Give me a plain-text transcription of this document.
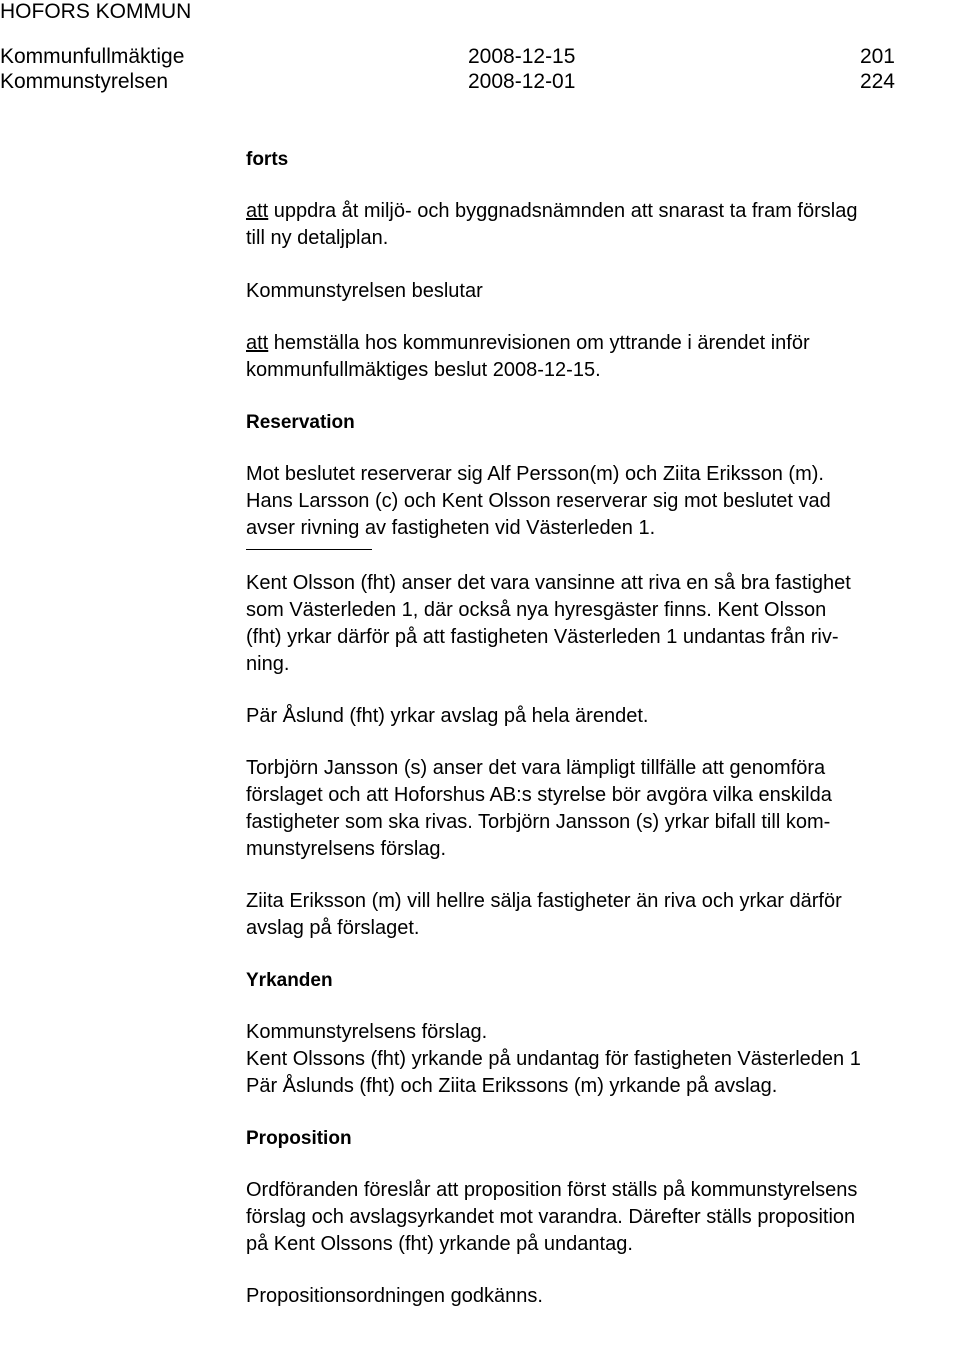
HOFORS KOMMUN
Kommunfullmäktige	2008-12-15	201
Kommunstyrelsen	2008-12-01	224

forts

att uppdra åt miljö- och byggnadsnämnden att snarast ta fram förslag

till ny detaljplan.

Kommunstyrelsen beslutar

att hemställa hos kommunrevisionen om yttrande i ärendet inför

kommunfullmäktiges beslut 2008-12-15.

Reservation

Mot beslutet reserverar sig Alf Persson(m) och Ziita Eriksson (m).

Hans Larsson (c) och Kent Olsson reserverar sig mot beslutet vad

avser rivning av fastigheten vid Västerleden 1.

Kent Olsson (fht) anser det vara vansinne att riva en så bra fastighet

som Västerleden 1, där också nya hyresgäster finns. Kent Olsson

(fht) yrkar därför på att fastigheten Västerleden 1 undantas från riv-

ning.

Pär Åslund (fht) yrkar avslag på hela ärendet.

Torbjörn Jansson (s) anser det vara lämpligt tillfälle att genomföra

förslaget och att Hoforshus AB:s styrelse bör avgöra vilka enskilda

fastigheter som ska rivas. Torbjörn Jansson (s) yrkar bifall till kom-

munstyrelsens förslag.

Ziita Eriksson (m) vill hellre sälja fastigheter än riva och yrkar därför

avslag på förslaget.

Yrkanden

Kommunstyrelsens förslag.

Kent Olssons (fht) yrkande på undantag för fastigheten Västerleden 1

Pär Åslunds (fht) och Ziita Erikssons (m) yrkande på avslag.

Proposition

Ordföranden föreslår att proposition först ställs på kommunstyrelsens

förslag och avslagsyrkandet mot varandra. Därefter ställs proposition

på Kent Olssons (fht) yrkande på undantag.

Propositionsordningen godkänns.
